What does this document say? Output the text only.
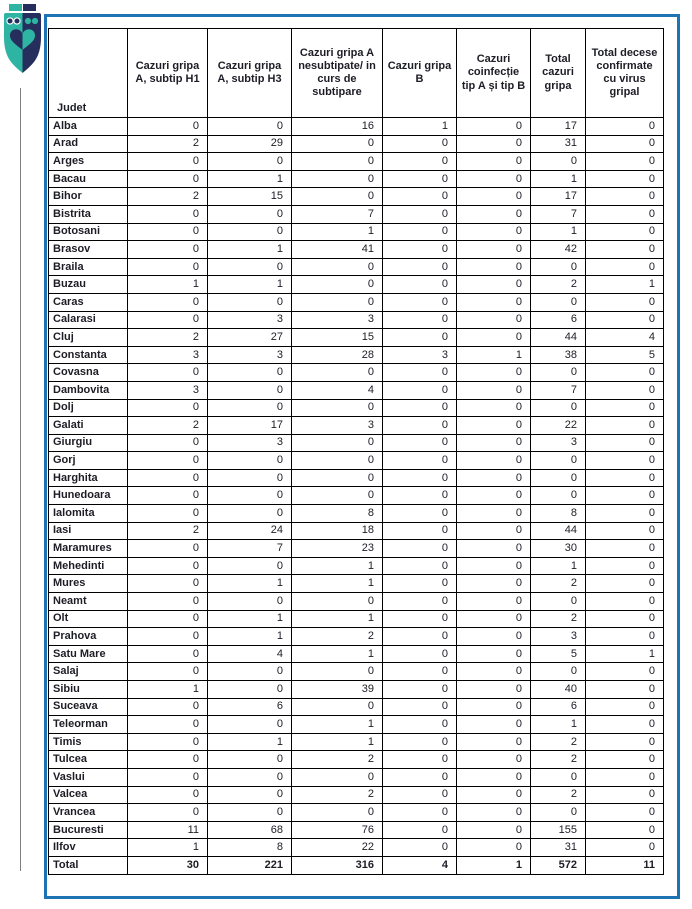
Judet	Cazuri gripa A, subtip H1	Cazuri gripa A, subtip H3	Cazuri gripa A nesubtipate/ in curs de subtipare	Cazuri gripa B	Cazuri coinfecție tip A și tip B	Total cazuri gripa	Total decese confirmate cu virus gripal
Alba	0	0	16	1	0	17	0
Arad	2	29	0	0	0	31	0
Arges	0	0	0	0	0	0	0
Bacau	0	1	0	0	0	1	0
Bihor	2	15	0	0	0	17	0
Bistrita	0	0	7	0	0	7	0
Botosani	0	0	1	0	0	1	0
Brasov	0	1	41	0	0	42	0
Braila	0	0	0	0	0	0	0
Buzau	1	1	0	0	0	2	1
Caras	0	0	0	0	0	0	0
Calarasi	0	3	3	0	0	6	0
Cluj	2	27	15	0	0	44	4
Constanta	3	3	28	3	1	38	5
Covasna	0	0	0	0	0	0	0
Dambovita	3	0	4	0	0	7	0
Dolj	0	0	0	0	0	0	0
Galati	2	17	3	0	0	22	0
Giurgiu	0	3	0	0	0	3	0
Gorj	0	0	0	0	0	0	0
Harghita	0	0	0	0	0	0	0
Hunedoara	0	0	0	0	0	0	0
Ialomita	0	0	8	0	0	8	0
Iasi	2	24	18	0	0	44	0
Maramures	0	7	23	0	0	30	0
Mehedinti	0	0	1	0	0	1	0
Mures	0	1	1	0	0	2	0
Neamt	0	0	0	0	0	0	0
Olt	0	1	1	0	0	2	0
Prahova	0	1	2	0	0	3	0
Satu Mare	0	4	1	0	0	5	1
Salaj	0	0	0	0	0	0	0
Sibiu	1	0	39	0	0	40	0
Suceava	0	6	0	0	0	6	0
Teleorman	0	0	1	0	0	1	0
Timis	0	1	1	0	0	2	0
Tulcea	0	0	2	0	0	2	0
Vaslui	0	0	0	0	0	0	0
Valcea	0	0	2	0	0	2	0
Vrancea	0	0	0	0	0	0	0
Bucuresti	11	68	76	0	0	155	0
Ilfov	1	8	22	0	0	31	0
Total	30	221	316	4	1	572	11
